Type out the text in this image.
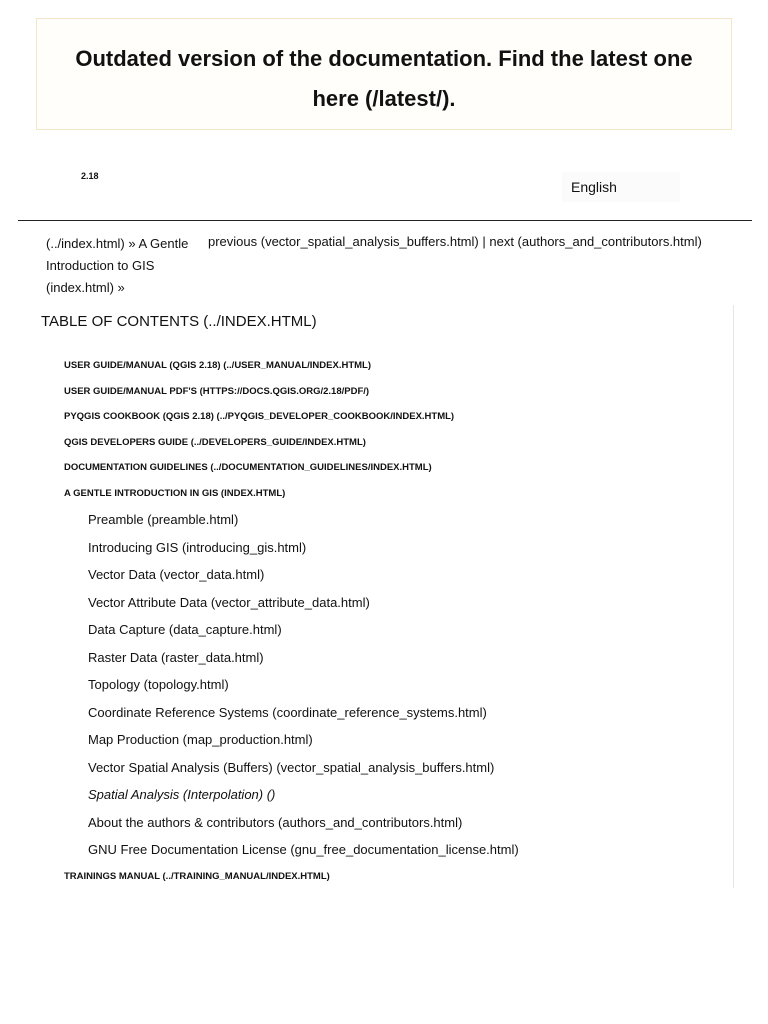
Outdated version of the documentation. Find the latest one here (/latest/).
2.18
English
(../index.html) » A Gentle Introduction to GIS (index.html) »
previous (vector_spatial_analysis_buffers.html) | next (authors_and_contributors.html)
TABLE OF CONTENTS (../INDEX.HTML)
USER GUIDE/MANUAL (QGIS 2.18) (../USER_MANUAL/INDEX.HTML)
USER GUIDE/MANUAL PDF'S (HTTPS://DOCS.QGIS.ORG/2.18/PDF/)
PYQGIS COOKBOOK (QGIS 2.18) (../PYQGIS_DEVELOPER_COOKBOOK/INDEX.HTML)
QGIS DEVELOPERS GUIDE (../DEVELOPERS_GUIDE/INDEX.HTML)
DOCUMENTATION GUIDELINES (../DOCUMENTATION_GUIDELINES/INDEX.HTML)
A GENTLE INTRODUCTION IN GIS (INDEX.HTML)
Preamble (preamble.html)
Introducing GIS (introducing_gis.html)
Vector Data (vector_data.html)
Vector Attribute Data (vector_attribute_data.html)
Data Capture (data_capture.html)
Raster Data (raster_data.html)
Topology (topology.html)
Coordinate Reference Systems (coordinate_reference_systems.html)
Map Production (map_production.html)
Vector Spatial Analysis (Buffers) (vector_spatial_analysis_buffers.html)
Spatial Analysis (Interpolation) ()
About the authors & contributors (authors_and_contributors.html)
GNU Free Documentation License (gnu_free_documentation_license.html)
TRAININGS MANUAL (../TRAINING_MANUAL/INDEX.HTML)
